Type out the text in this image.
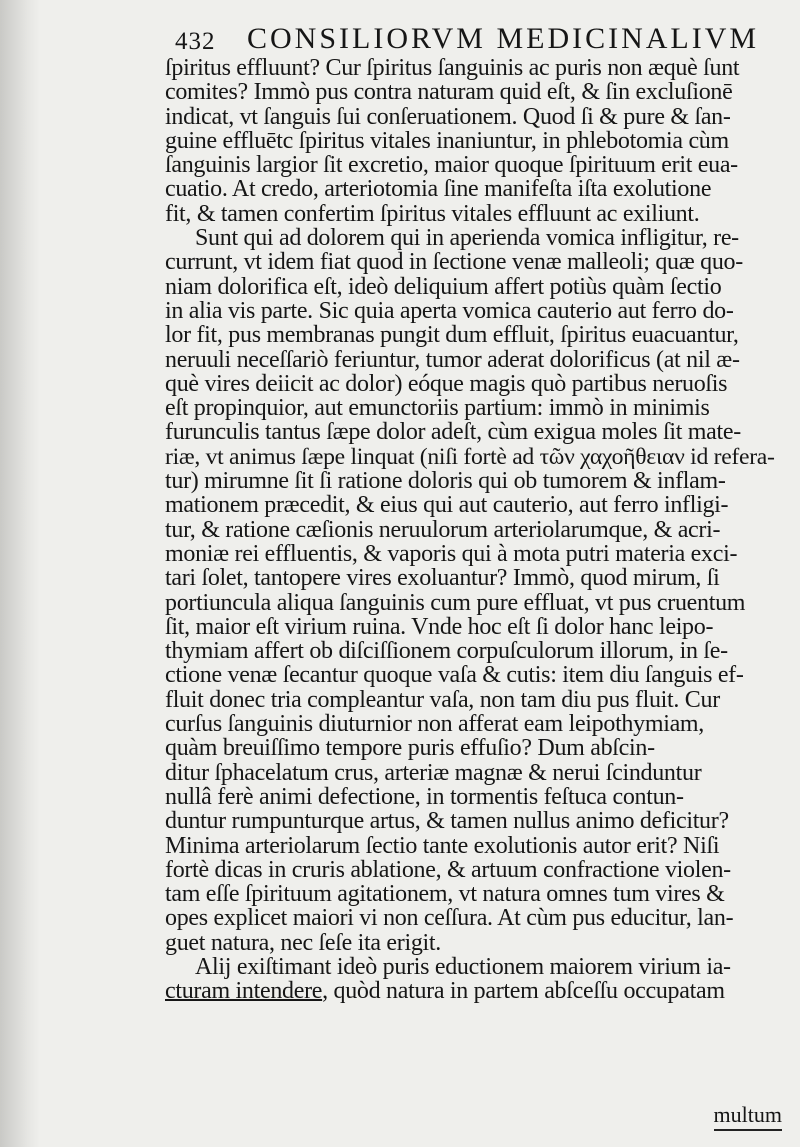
432 CONSILIORVM MEDICINALIVM
ſpiritus effluunt? Cur ſpiritus ſanguinis ac puris non æquè ſunt
comites? Immò pus contra naturam quid eſt, & ſin excluſionē
indicat, vt ſanguis ſui conſeruationem. Quod ſi & pure & ſan-
guine effluētc ſpiritus vitales inaniuntur, in phlebotomia cùm
ſanguinis largior ſit excretio, maior quoque ſpirituum erit eua-
cuatio. At credo, arteriotomia ſine manifeſta iſta exolutione
fit, & tamen confertim ſpiritus vitales effluunt ac exiliunt.
Sunt qui ad dolorem qui in aperienda vomica infligitur, re-
currunt, vt idem fiat quod in ſectione venæ malleoli; quæ quo-
niam dolorifica eſt, ideò deliquium affert potiùs quàm ſectio
in alia vis parte. Sic quia aperta vomica cauterio aut ferro do-
lor fit, pus membranas pungit dum effluit, ſpiritus euacuantur,
neruuli neceſſariò feriuntur, tumor aderat dolorificus (at nil æ-
què vires deiicit ac dolor) eóque magis quò partibus neruoſis
eſt propinquior, aut emunctoriis partium: immò in minimis
furunculis tantus ſæpe dolor adeſt, cùm exigua moles ſit mate-
riæ, vt animus ſæpe linquat (niſi fortè ad τῶν χαχοῆθειαν id refera-
tur) mirumne ſit ſi ratione doloris qui ob tumorem & inflam-
mationem præcedit, & eius qui aut cauterio, aut ferro infligi-
tur, & ratione cæſionis neruulorum arteriolarumque, & acri-
moniæ rei effluentis, & vaporis qui à mota putri materia exci-
tari ſolet, tantopere vires exoluantur? Immò, quod mirum, ſi
portiuncula aliqua ſanguinis cum pure effluat, vt pus cruentum
ſit, maior eſt virium ruina. Vnde hoc eſt ſi dolor hanc leipo-
thymiam affert ob diſciſſionem corpuſculorum illorum, in ſe-
ctione venæ ſecantur quoque vaſa & cutis: item diu ſanguis ef-
fluit donec tria compleantur vaſa, non tam diu pus fluit. Cur
curſus ſanguinis diuturnior non afferat eam leipothymiam,
quàm breuiſſimo tempore puris effuſio? Dum abſcin-
ditur ſphacelatum crus, arteriæ magnæ & nerui ſcinduntur
nullâ ferè animi defectione, in tormentis feſtuca contun-
duntur rumpunturque artus, & tamen nullus animo deficitur?
Minima arteriolarum ſectio tante exolutionis autor erit? Niſi
fortè dicas in cruris ablatione, & artuum confractione violen-
tam eſſe ſpirituum agitationem, vt natura omnes tum vires &
opes explicet maiori vi non ceſſura. At cùm pus educitur, lan-
guet natura, nec ſeſe ita erigit.
Alij exiſtimant ideò puris eductionem maiorem virium ia-
cturam intendere, quòd natura in partem abſceſſu occupatam
multum
